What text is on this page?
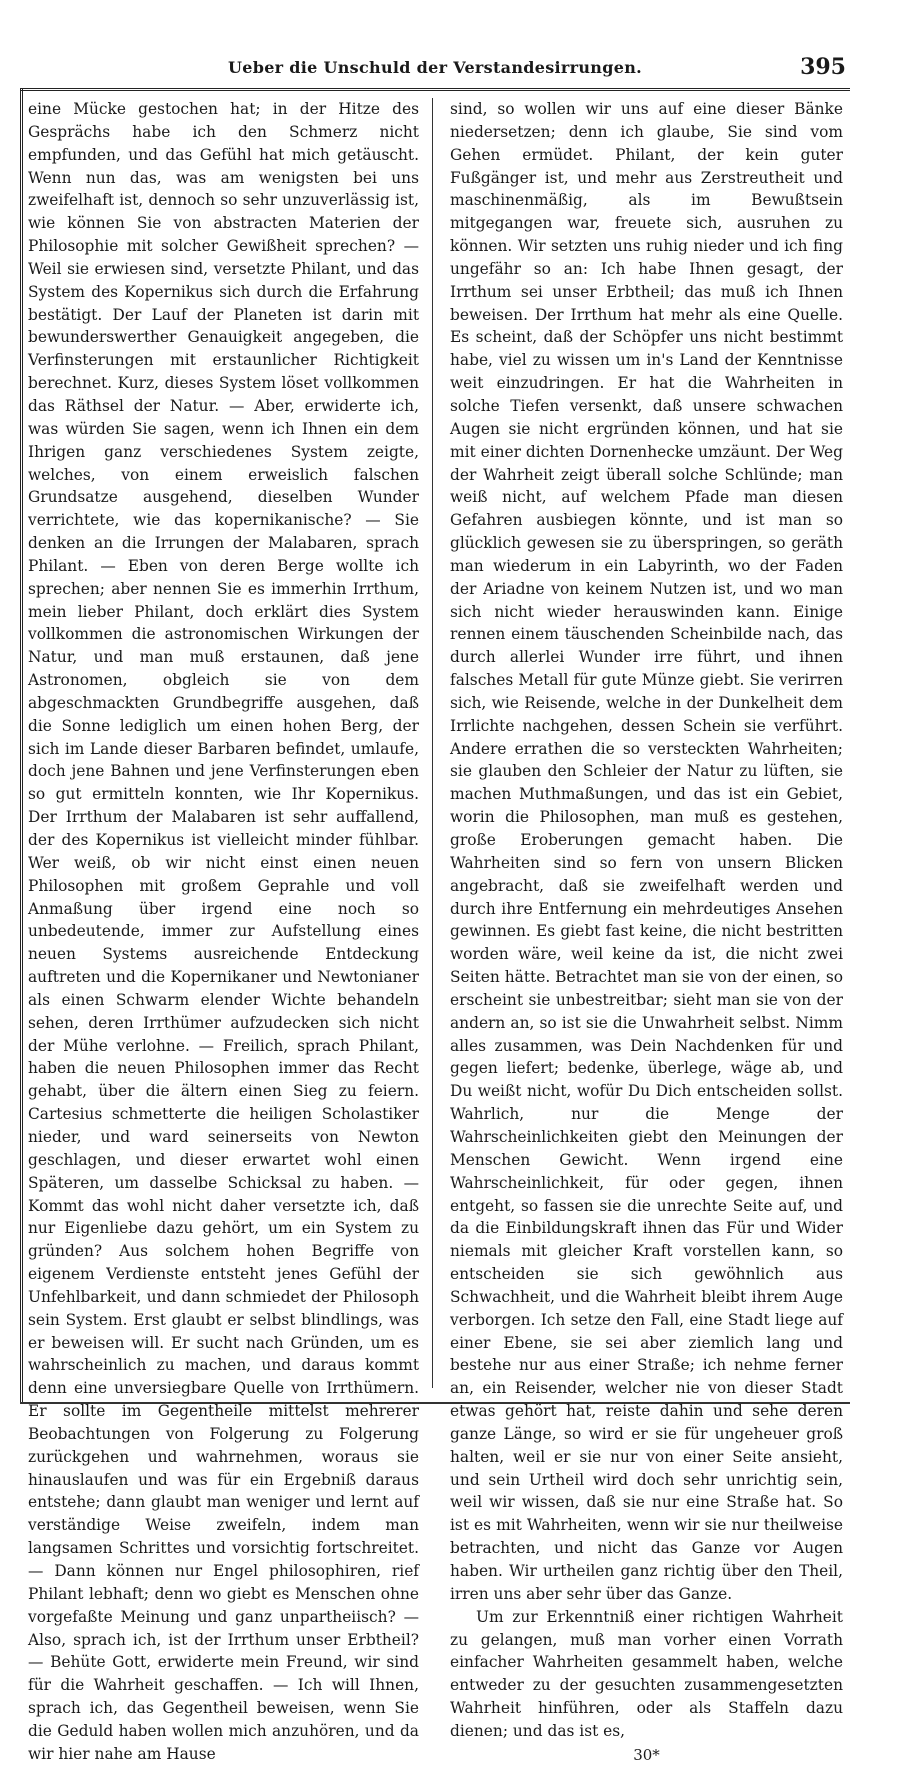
Ueber die Unschuld der Verstandesirrungen.	395

eine Mücke gestochen hat; in der Hitze des Gesprächs habe ich den Schmerz nicht empfunden, und das Gefühl hat mich getäuscht. Wenn nun das, was am wenigsten bei uns zweifelhaft ist, dennoch so sehr unzuverlässig ist, wie können Sie von abstracten Materien der Philosophie mit solcher Gewißheit sprechen? — Weil sie erwiesen sind, versetzte Philant, und das System des Kopernikus sich durch die Erfahrung bestätigt. Der Lauf der Planeten ist darin mit bewunderswerther Genauigkeit angegeben, die Verfinsterungen mit erstaunlicher Richtigkeit berechnet. Kurz, dieses System löset vollkommen das Räthsel der Natur. — Aber, erwiderte ich, was würden Sie sagen, wenn ich Ihnen ein dem Ihrigen ganz verschiedenes System zeigte, welches, von einem erweislich falschen Grundsatze ausgehend, dieselben Wunder verrichtete, wie das kopernikanische? — Sie denken an die Irrungen der Malabaren, sprach Philant. — Eben von deren Berge wollte ich sprechen; aber nennen Sie es immerhin Irrthum, mein lieber Philant, doch erklärt dies System vollkommen die astronomischen Wirkungen der Natur, und man muß erstaunen, daß jene Astronomen, obgleich sie von dem abgeschmackten Grundbegriffe ausgehen, daß die Sonne lediglich um einen hohen Berg, der sich im Lande dieser Barbaren befindet, umlaufe, doch jene Bahnen und jene Verfinsterungen eben so gut ermitteln konnten, wie Ihr Kopernikus. Der Irrthum der Malabaren ist sehr auffallend, der des Kopernikus ist vielleicht minder fühlbar. Wer weiß, ob wir nicht einst einen neuen Philosophen mit großem Geprahle und voll Anmaßung über irgend eine noch so unbedeutende, immer zur Aufstellung eines neuen Systems ausreichende Entdeckung auftreten und die Kopernikaner und Newtonianer als einen Schwarm elender Wichte behandeln sehen, deren Irrthümer aufzudecken sich nicht der Mühe verlohne. — Freilich, sprach Philant, haben die neuen Philosophen immer das Recht gehabt, über die ältern einen Sieg zu feiern. Cartesius schmetterte die heiligen Scholastiker nieder, und ward seinerseits von Newton geschlagen, und dieser erwartet wohl einen Späteren, um dasselbe Schicksal zu haben. — Kommt das wohl nicht daher versetzte ich, daß nur Eigenliebe dazu gehört, um ein System zu gründen? Aus solchem hohen Begriffe von eigenem Verdienste entsteht jenes Gefühl der Unfehlbarkeit, und dann schmiedet der Philosoph sein System. Erst glaubt er selbst blindlings, was er beweisen will. Er sucht nach Gründen, um es wahrscheinlich zu machen, und daraus kommt denn eine unversiegbare Quelle von Irrthümern. Er sollte im Gegentheile mittelst mehrerer Beobachtungen von Folgerung zu Folgerung zurückgehen und wahrnehmen, woraus sie hinauslaufen und was für ein Ergebniß daraus entstehe; dann glaubt man weniger und lernt auf verständige Weise zweifeln, indem man langsamen Schrittes und vorsichtig fortschreitet. — Dann können nur Engel philosophiren, rief Philant lebhaft; denn wo giebt es Menschen ohne vorgefaßte Meinung und ganz unpartheiisch? — Also, sprach ich, ist der Irrthum unser Erbtheil? — Behüte Gott, erwiderte mein Freund, wir sind für die Wahrheit geschaffen. — Ich will Ihnen, sprach ich, das Gegentheil beweisen, wenn Sie die Geduld haben wollen mich anzuhören, und da wir hier nahe am Hause

sind, so wollen wir uns auf eine dieser Bänke niedersetzen; denn ich glaube, Sie sind vom Gehen ermüdet. Philant, der kein guter Fußgänger ist, und mehr aus Zerstreutheit und maschinenmäßig, als im Bewußtsein mitgegangen war, freuete sich, ausruhen zu können. Wir setzten uns ruhig nieder und ich fing ungefähr so an: Ich habe Ihnen gesagt, der Irrthum sei unser Erbtheil; das muß ich Ihnen beweisen. Der Irrthum hat mehr als eine Quelle. Es scheint, daß der Schöpfer uns nicht bestimmt habe, viel zu wissen um in's Land der Kenntnisse weit einzudringen. Er hat die Wahrheiten in solche Tiefen versenkt, daß unsere schwachen Augen sie nicht ergründen können, und hat sie mit einer dichten Dornenhecke umzäunt. Der Weg der Wahrheit zeigt überall solche Schlünde; man weiß nicht, auf welchem Pfade man diesen Gefahren ausbiegen könnte, und ist man so glücklich gewesen sie zu überspringen, so geräth man wiederum in ein Labyrinth, wo der Faden der Ariadne von keinem Nutzen ist, und wo man sich nicht wieder herauswinden kann. Einige rennen einem täuschenden Scheinbilde nach, das durch allerlei Wunder irre führt, und ihnen falsches Metall für gute Münze giebt. Sie verirren sich, wie Reisende, welche in der Dunkelheit dem Irrlichte nachgehen, dessen Schein sie verführt. Andere errathen die so versteckten Wahrheiten; sie glauben den Schleier der Natur zu lüften, sie machen Muthmaßungen, und das ist ein Gebiet, worin die Philosophen, man muß es gestehen, große Eroberungen gemacht haben. Die Wahrheiten sind so fern von unsern Blicken angebracht, daß sie zweifelhaft werden und durch ihre Entfernung ein mehrdeutiges Ansehen gewinnen. Es giebt fast keine, die nicht bestritten worden wäre, weil keine da ist, die nicht zwei Seiten hätte. Betrachtet man sie von der einen, so erscheint sie unbestreitbar; sieht man sie von der andern an, so ist sie die Unwahrheit selbst. Nimm alles zusammen, was Dein Nachdenken für und gegen liefert; bedenke, überlege, wäge ab, und Du weißt nicht, wofür Du Dich entscheiden sollst. Wahrlich, nur die Menge der Wahrscheinlichkeiten giebt den Meinungen der Menschen Gewicht. Wenn irgend eine Wahrscheinlichkeit, für oder gegen, ihnen entgeht, so fassen sie die unrechte Seite auf, und da die Einbildungskraft ihnen das Für und Wider niemals mit gleicher Kraft vorstellen kann, so entscheiden sie sich gewöhnlich aus Schwachheit, und die Wahrheit bleibt ihrem Auge verborgen. Ich setze den Fall, eine Stadt liege auf einer Ebene, sie sei aber ziemlich lang und bestehe nur aus einer Straße; ich nehme ferner an, ein Reisender, welcher nie von dieser Stadt etwas gehört hat, reiste dahin und sehe deren ganze Länge, so wird er sie für ungeheuer groß halten, weil er sie nur von einer Seite ansieht, und sein Urtheil wird doch sehr unrichtig sein, weil wir wissen, daß sie nur eine Straße hat. So ist es mit Wahrheiten, wenn wir sie nur theilweise betrachten, und nicht das Ganze vor Augen haben. Wir urtheilen ganz richtig über den Theil, irren uns aber sehr über das Ganze.

Um zur Erkenntniß einer richtigen Wahrheit zu gelangen, muß man vorher einen Vorrath einfacher Wahrheiten gesammelt haben, welche entweder zu der gesuchten zusammengesetzten Wahrheit hinführen, oder als Staffeln dazu dienen; und das ist es,

30*
